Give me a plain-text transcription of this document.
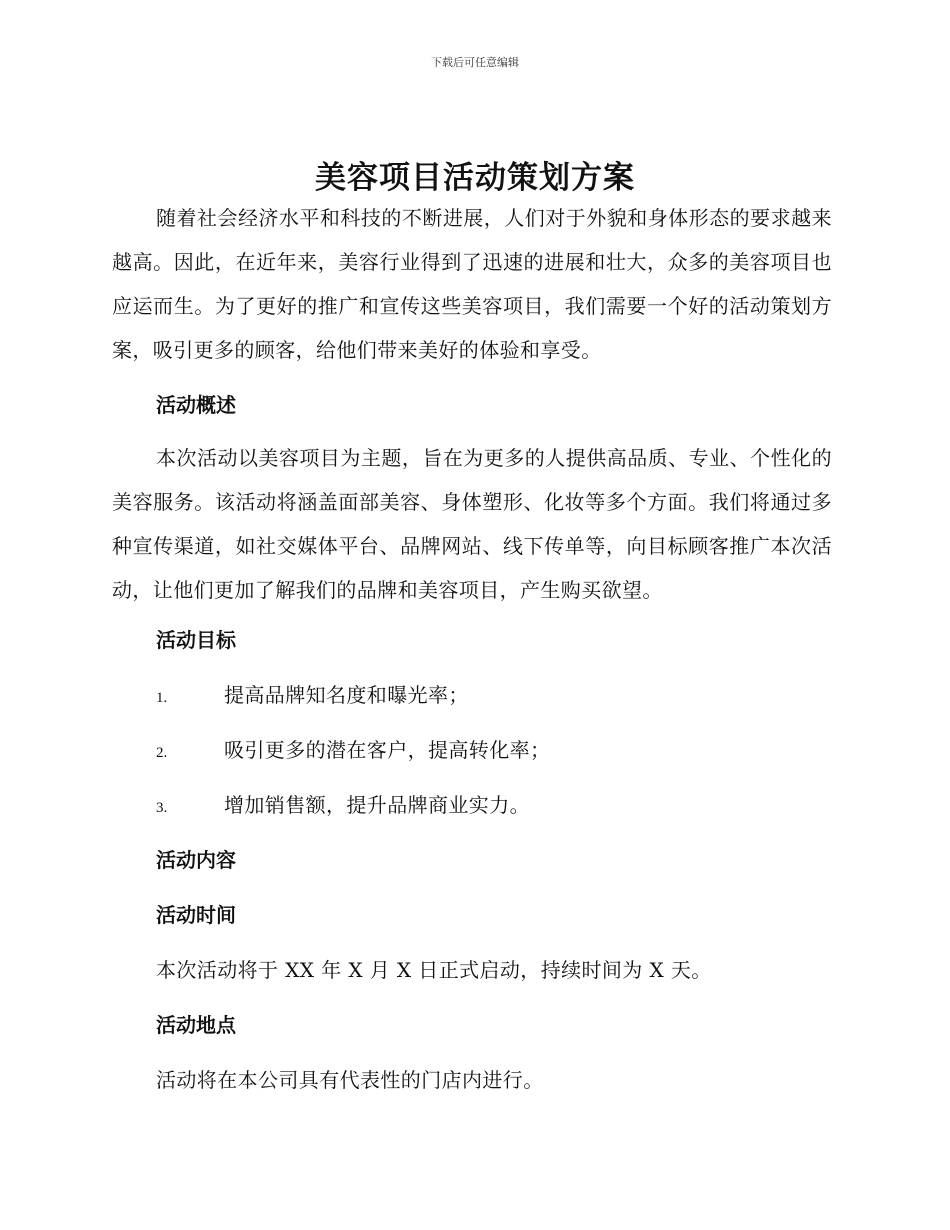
下载后可任意编辑
美容项目活动策划方案

随着社会经济水平和科技的不断进展，人们对于外貌和身体形态的要求越来越高。因此，在近年来，美容行业得到了迅速的进展和壮大，众多的美容项目也应运而生。为了更好的推广和宣传这些美容项目，我们需要一个好的活动策划方案，吸引更多的顾客，给他们带来美好的体验和享受。

活动概述

本次活动以美容项目为主题，旨在为更多的人提供高品质、专业、个性化的美容服务。该活动将涵盖面部美容、身体塑形、化妆等多个方面。我们将通过多种宣传渠道，如社交媒体平台、品牌网站、线下传单等，向目标顾客推广本次活动，让他们更加了解我们的品牌和美容项目，产生购买欲望。

活动目标
1.	提高品牌知名度和曝光率；
2.	吸引更多的潜在客户，提高转化率；
3.	增加销售额，提升品牌商业实力。
活动内容
活动时间

本次活动将于 XX 年 X 月 X 日正式启动，持续时间为 X 天。

活动地点

活动将在本公司具有代表性的门店内进行。
